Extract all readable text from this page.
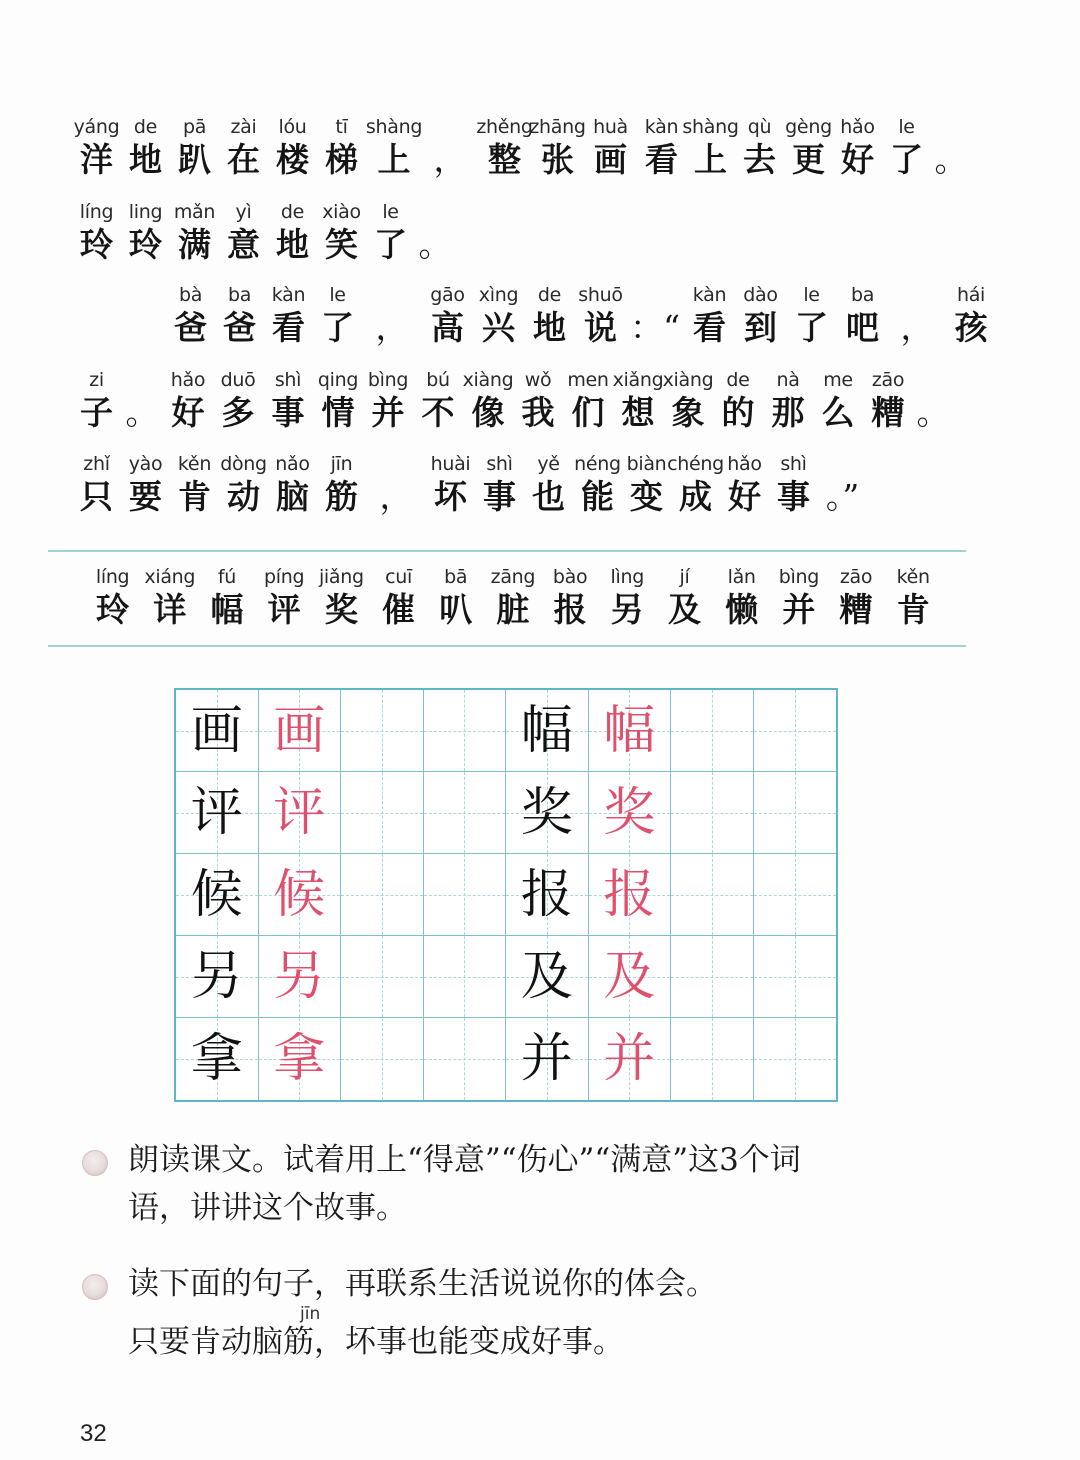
yáng
洋
de
地
pā
趴
zài
在
lóu
楼
tī
梯
shàng
上 ，
zhěng
整
zhāng
张
huà
画
kàn
看
shàng
上
qù
去
gèng
更
hǎo
好
le
了 。
líng
玲
ling
玲
mǎn
满
yì
意
de
地
xiào
笑
le
了 。
bà
爸
ba
爸
kàn
看
le
了 ，
gāo
高
xìng
兴
de
地
shuō
说 ：“
kàn
看
dào
到
le
了
ba
吧 ，
hái
孩
zi
子 。
hǎo
好
duō
多
shì
事
qing
情
bìng
并
bú
不
xiàng
像
wǒ
我
men
们
xiǎng
想
xiàng
象
de
的
nà
那
me
么
zāo
糟 。
zhǐ
只
yào
要
kěn
肯
dòng
动
nǎo
脑
jīn
筋 ，
huài
坏
shì
事
yě
也
néng
能
biàn
变
chéng
成
hǎo
好
shì
事 。”
líng
玲
xiáng
详
fú
幅
píng
评
jiǎng
奖
cuī
催
bā
叭
zāng
脏
bào
报
lìng
另
jí
及
lǎn
懒
bìng
并
zāo
糟
kěn
肯
画 画	幅 幅
评 评	奖 奖
候 候	报 报
另 另	及 及
拿 拿	并 并
朗读课文。试着用上“得意”“伤心”“满意”这3个词
语，讲讲这个故事。
读下面的句子，再联系生活说说你的体会。
jīn
只要肯动脑筋，坏事也能变成好事。
32
